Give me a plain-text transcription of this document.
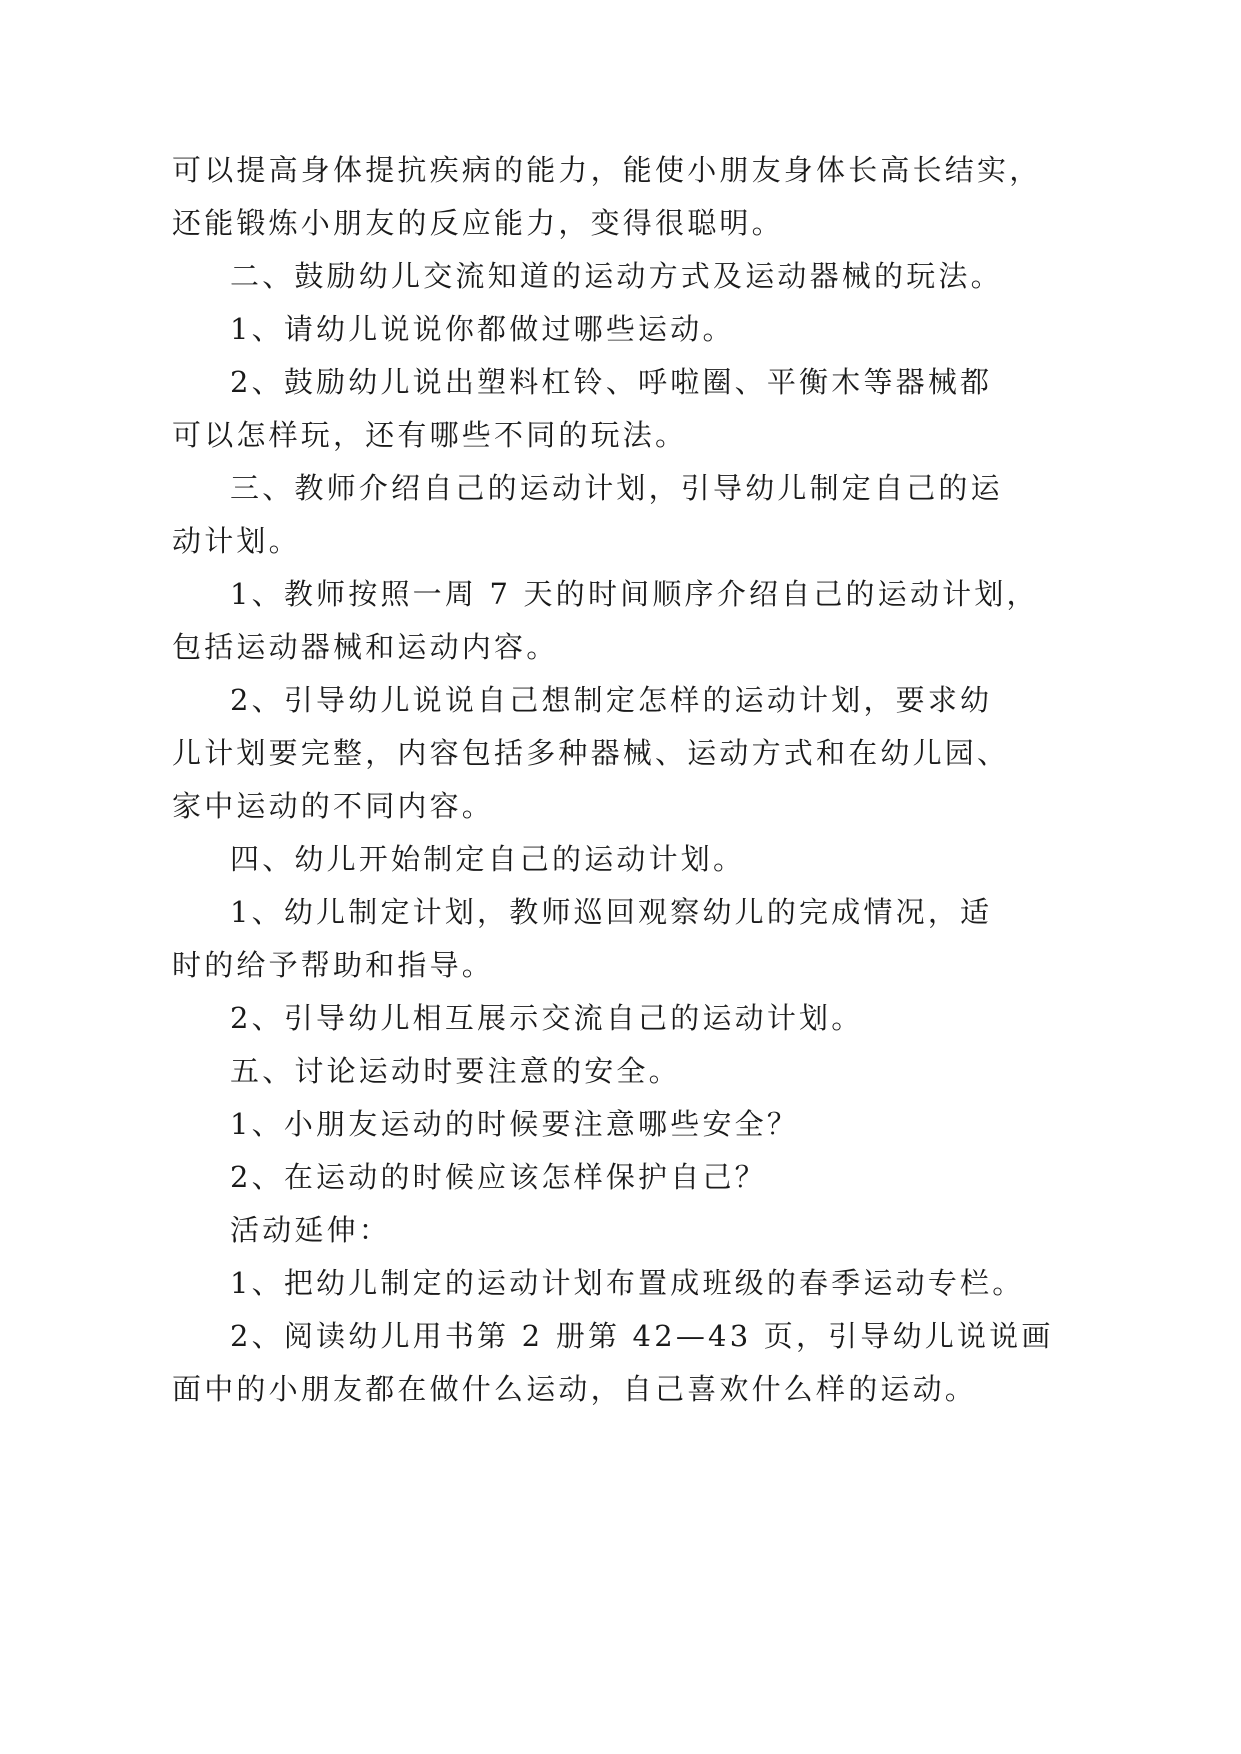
可以提高身体提抗疾病的能力，能使小朋友身体长高长结实，
还能锻炼小朋友的反应能力，变得很聪明。
二、鼓励幼儿交流知道的运动方式及运动器械的玩法。
1、请幼儿说说你都做过哪些运动。
2、鼓励幼儿说出塑料杠铃、呼啦圈、平衡木等器械都
可以怎样玩，还有哪些不同的玩法。
三、教师介绍自己的运动计划，引导幼儿制定自己的运
动计划。
1、教师按照一周 7 天的时间顺序介绍自己的运动计划，
包括运动器械和运动内容。
2、引导幼儿说说自己想制定怎样的运动计划，要求幼
儿计划要完整，内容包括多种器械、运动方式和在幼儿园、
家中运动的不同内容。
四、幼儿开始制定自己的运动计划。
1、幼儿制定计划，教师巡回观察幼儿的完成情况，适
时的给予帮助和指导。
2、引导幼儿相互展示交流自己的运动计划。
五、讨论运动时要注意的安全。
1、小朋友运动的时候要注意哪些安全？
2、在运动的时候应该怎样保护自己？
活动延伸：
1、把幼儿制定的运动计划布置成班级的春季运动专栏。
2、阅读幼儿用书第 2 册第 42—43 页，引导幼儿说说画
面中的小朋友都在做什么运动，自己喜欢什么样的运动。
